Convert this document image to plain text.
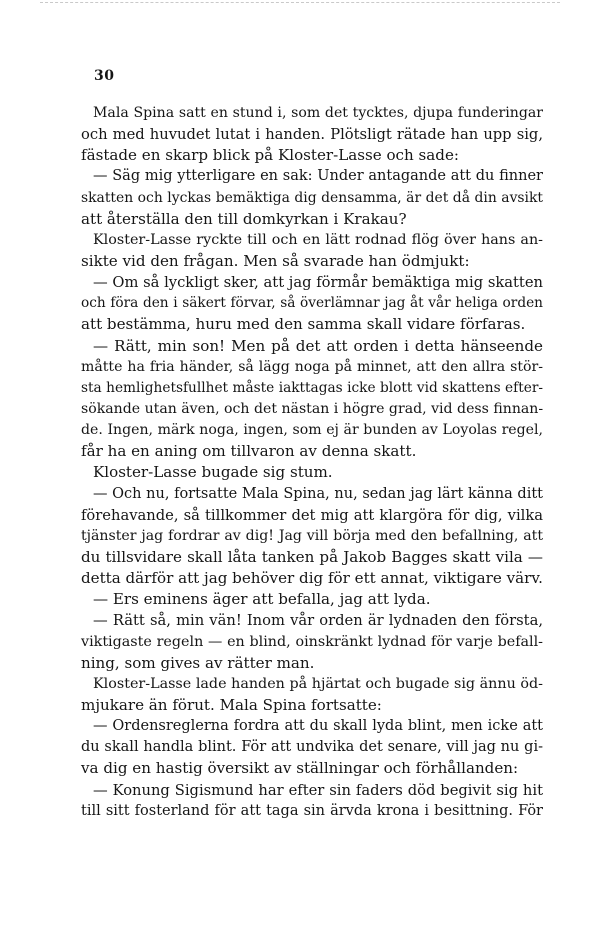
30
Mala Spina satt en stund i, som det tycktes, djupa funderingar
och med huvudet lutat i handen. Plötsligt rätade han upp sig,
fästade en skarp blick på Kloster-Lasse och sade:
— Säg mig ytterligare en sak: Under antagande att du finner
skatten och lyckas bemäktiga dig densamma, är det då din avsikt
att återställa den till domkyrkan i Krakau?
Kloster-Lasse ryckte till och en lätt rodnad flög över hans an-
sikte vid den frågan. Men så svarade han ödmjukt:
— Om så lyckligt sker, att jag förmår bemäktiga mig skatten
och föra den i säkert förvar, så överlämnar jag åt vår heliga orden
att bestämma, huru med den samma skall vidare förfaras.
— Rätt, min son! Men på det att orden i detta hänseende
måtte ha fria händer, så lägg noga på minnet, att den allra stör-
sta hemlighetsfullhet måste iakttagas icke blott vid skattens efter-
sökande utan även, och det nästan i högre grad, vid dess finnan-
de. Ingen, märk noga, ingen, som ej är bunden av Loyolas regel,
får ha en aning om tillvaron av denna skatt.
Kloster-Lasse bugade sig stum.
— Och nu, fortsatte Mala Spina, nu, sedan jag lärt känna ditt
förehavande, så tillkommer det mig att klargöra för dig, vilka
tjänster jag fordrar av dig! Jag vill börja med den befallning, att
du tillsvidare skall låta tanken på Jakob Bagges skatt vila —
detta därför att jag behöver dig för ett annat, viktigare värv.
— Ers eminens äger att befalla, jag att lyda.
— Rätt så, min vän! Inom vår orden är lydnaden den första,
viktigaste regeln — en blind, oinskränkt lydnad för varje befall-
ning, som gives av rätter man.
Kloster-Lasse lade handen på hjärtat och bugade sig ännu öd-
mjukare än förut. Mala Spina fortsatte:
— Ordensreglerna fordra att du skall lyda blint, men icke att
du skall handla blint. För att undvika det senare, vill jag nu gi-
va dig en hastig översikt av ställningar och förhållanden:
— Konung Sigismund har efter sin faders död begivit sig hit
till sitt fosterland för att taga sin ärvda krona i besittning. För
